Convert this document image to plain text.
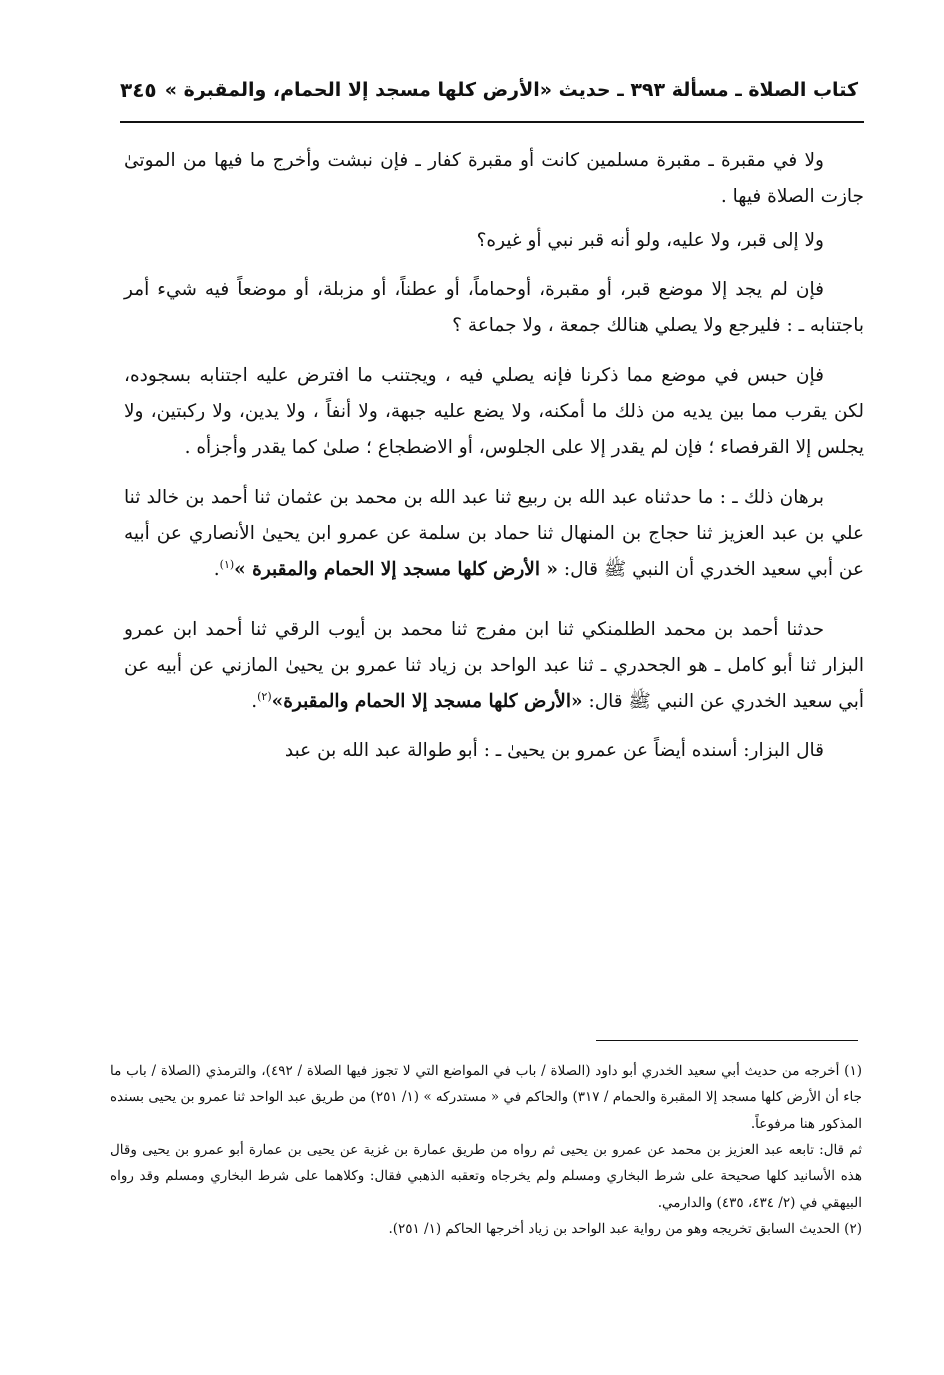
كتاب الصلاة ـ مسألة ٣٩٣ ـ حديث «الأرض كلها مسجد إلا الحمام، والمقبرة »
٣٤٥

ولا في مقبرة ـ مقبرة مسلمين كانت أو مقبرة كفار ـ فإن نبشت وأخرج ما فيها من الموتىٰ جازت الصلاة فيها .

ولا إلى قبر، ولا عليه، ولو أنه قبر نبي أو غيره؟

فإن لم يجد إلا موضع قبر، أو مقبرة، أوحماماً، أو عطناً، أو مزبلة، أو موضعاً فيه شيء أمر باجتنابه ـ : فليرجع ولا يصلي هنالك جمعة ، ولا جماعة ؟

فإن حبس في موضع مما ذكرنا فإنه يصلي فيه ، ويجتنب ما افترض عليه اجتنابه بسجوده، لكن يقرب مما بين يديه من ذلك ما أمكنه، ولا يضع عليه جبهة، ولا أنفاً ، ولا يدين، ولا ركبتين، ولا يجلس إلا القرفصاء ؛ فإن لم يقدر إلا على الجلوس، أو الاضطجاع ؛ صلىٰ كما يقدر وأجزأه .

برهان ذلك ـ : ما حدثناه عبد الله بن ربيع ثنا عبد الله بن محمد بن عثمان ثنا أحمد بن خالد ثنا علي بن عبد العزيز ثنا حجاج بن المنهال ثنا حماد بن سلمة عن عمرو ابن يحيىٰ الأنصاري عن أبيه عن أبي سعيد الخدري أن النبي ﷺ قال: « الأرض كلها مسجد إلا الحمام والمقبرة »$^{(١)}$.

حدثنا أحمد بن محمد الطلمنكي ثنا ابن مفرج ثنا محمد بن أيوب الرقي ثنا أحمد ابن عمرو البزار ثنا أبو كامل ـ هو الجحدري ـ ثنا عبد الواحد بن زياد ثنا عمرو بن يحيىٰ المازني عن أبيه عن أبي سعيد الخدري عن النبي ﷺ قال: «الأرض كلها مسجد إلا الحمام والمقبرة»$^{(٢)}$.

قال البزار: أسنده أيضاً عن عمرو بن يحيىٰ ـ : أبو طوالة عبد الله بن عبد

(١) أخرجه من حديث أبي سعيد الخدري أبو داود (الصلاة / باب في المواضع التي لا تجوز فيها الصلاة / ٤٩٢)، والترمذي (الصلاة / باب ما جاء أن الأرض كلها مسجد إلا المقبرة والحمام / ٣١٧) والحاكم في « مستدركه » (١/ ٢٥١) من طريق عبد الواحد ثنا عمرو بن يحيى بسنده المذكور هنا مرفوعاً.

ثم قال: تابعه عبد العزيز بن محمد عن عمرو بن يحيى ثم رواه من طريق عمارة بن غزية عن يحيى بن عمارة أبو عمرو بن يحيى وقال هذه الأسانيد كلها صحيحة على شرط البخاري ومسلم ولم يخرجاه وتعقبه الذهبي فقال: وكلاهما على شرط البخاري ومسلم وقد رواه البيهقي في (٢/ ٤٣٤، ٤٣٥) والدارمي.

(٢) الحديث السابق تخريجه وهو من رواية عبد الواحد بن زياد أخرجها الحاكم (١/ ٢٥١).
